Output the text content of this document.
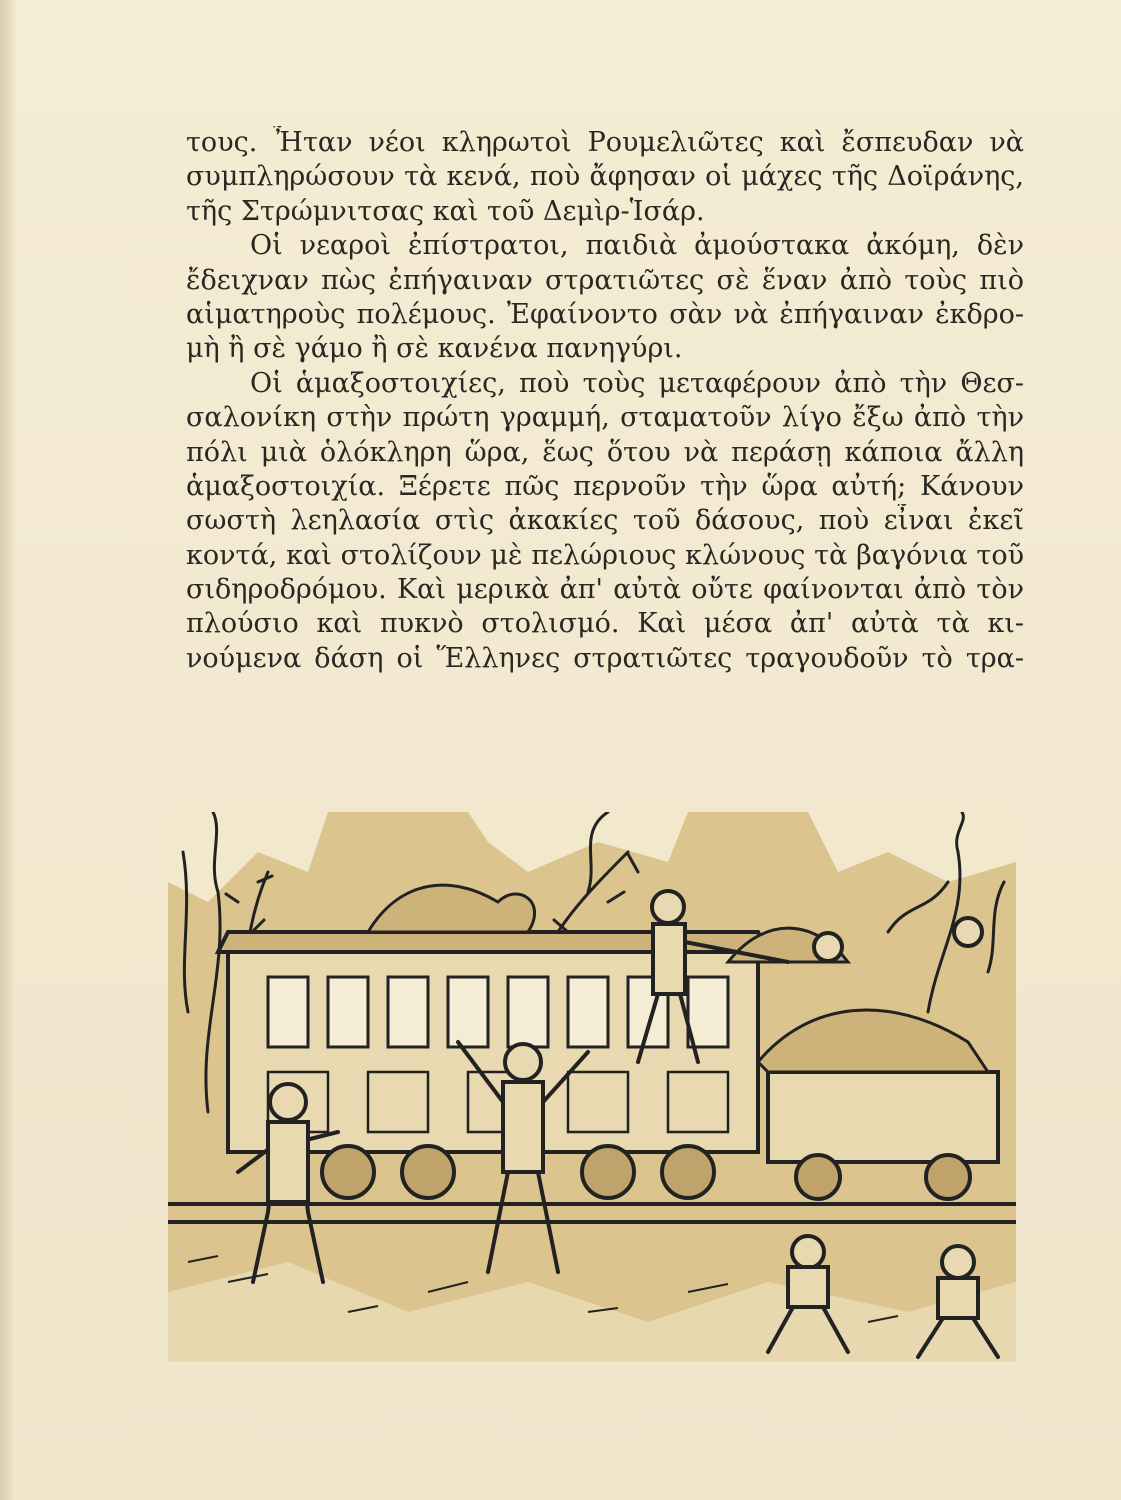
τους. Ἦταν νέοι κληρωτοὶ Ρουμελιῶτες καὶ ἔσπευδαν νὰ
συμπληρώσουν τὰ κενά, ποὺ ἄφησαν οἱ μάχες τῆς Δοϊράνης,
τῆς Στρώμνιτσας καὶ τοῦ Δεμὶρ-Ἱσάρ.
Οἱ νεαροὶ ἐπίστρατοι, παιδιὰ ἀμούστακα ἀκόμη, δὲν
ἔδειχναν πὼς ἐπήγαιναν στρατιῶτες σὲ ἕναν ἀπὸ τοὺς πιὸ
αἱματηροὺς πολέμους. Ἐφαίνοντο σὰν νὰ ἐπήγαιναν ἐκδρο-
μὴ ἢ σὲ γάμο ἢ σὲ κανένα πανηγύρι.
Οἱ ἁμαξοστοιχίες, ποὺ τοὺς μεταφέρουν ἀπὸ τὴν Θεσ-
σαλονίκη στὴν πρώτη γραμμή, σταματοῦν λίγο ἔξω ἀπὸ τὴν
πόλι μιὰ ὁλόκληρη ὥρα, ἕως ὅτου νὰ περάσῃ κάποια ἄλλη
ἁμαξοστοιχία. Ξέρετε πῶς περνοῦν τὴν ὥρα αὐτή; Κάνουν
σωστὴ λεηλασία στὶς ἀκακίες τοῦ δάσους, ποὺ εἶναι ἐκεῖ
κοντά, καὶ στολίζουν μὲ πελώριους κλώνους τὰ βαγόνια τοῦ
σιδηροδρόμου. Καὶ μερικὰ ἀπ' αὐτὰ οὔτε φαίνονται ἀπὸ τὸν
πλούσιο καὶ πυκνὸ στολισμό. Καὶ μέσα ἀπ' αὐτὰ τὰ κι-
νούμενα δάση οἱ Ἕλληνες στρατιῶτες τραγουδοῦν τὸ τρα-
